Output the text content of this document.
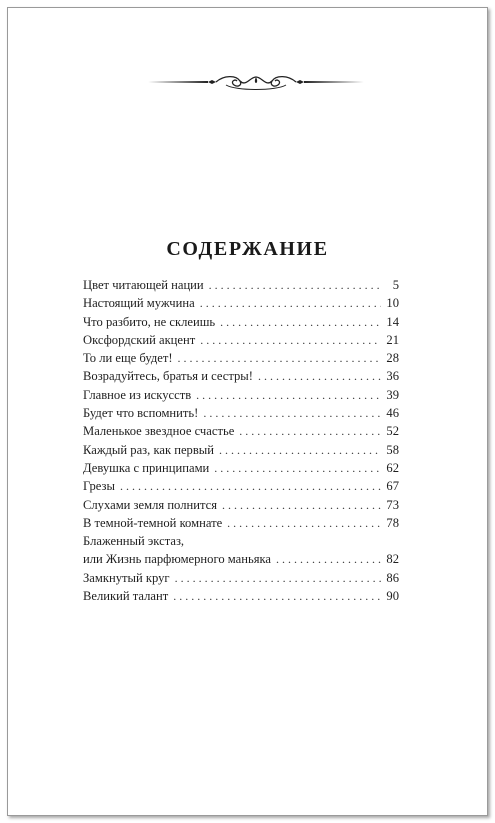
СОДЕРЖАНИЕ
Цвет читающей нации . . .	5
Настоящий мужчина . . .	10
Что разбито, не склеишь . . .	14
Оксфордский акцент . . .	21
То ли еще будет! . . .	28
Возрадуйтесь, братья и сестры! . . .	36
Главное из искусств . . .	39
Будет что вспомнить! . . .	46
Маленькое звездное счастье . . .	52
Каждый раз, как первый . . .	58
Девушка с принципами . . .	62
Грезы . . .	67
Слухами земля полнится . . .	73
В темной-темной комнате . . .	78
Блаженный экстаз,
или Жизнь парфюмерного маньяка . . .	82
Замкнутый круг . . .	86
Великий талант . . .	90
